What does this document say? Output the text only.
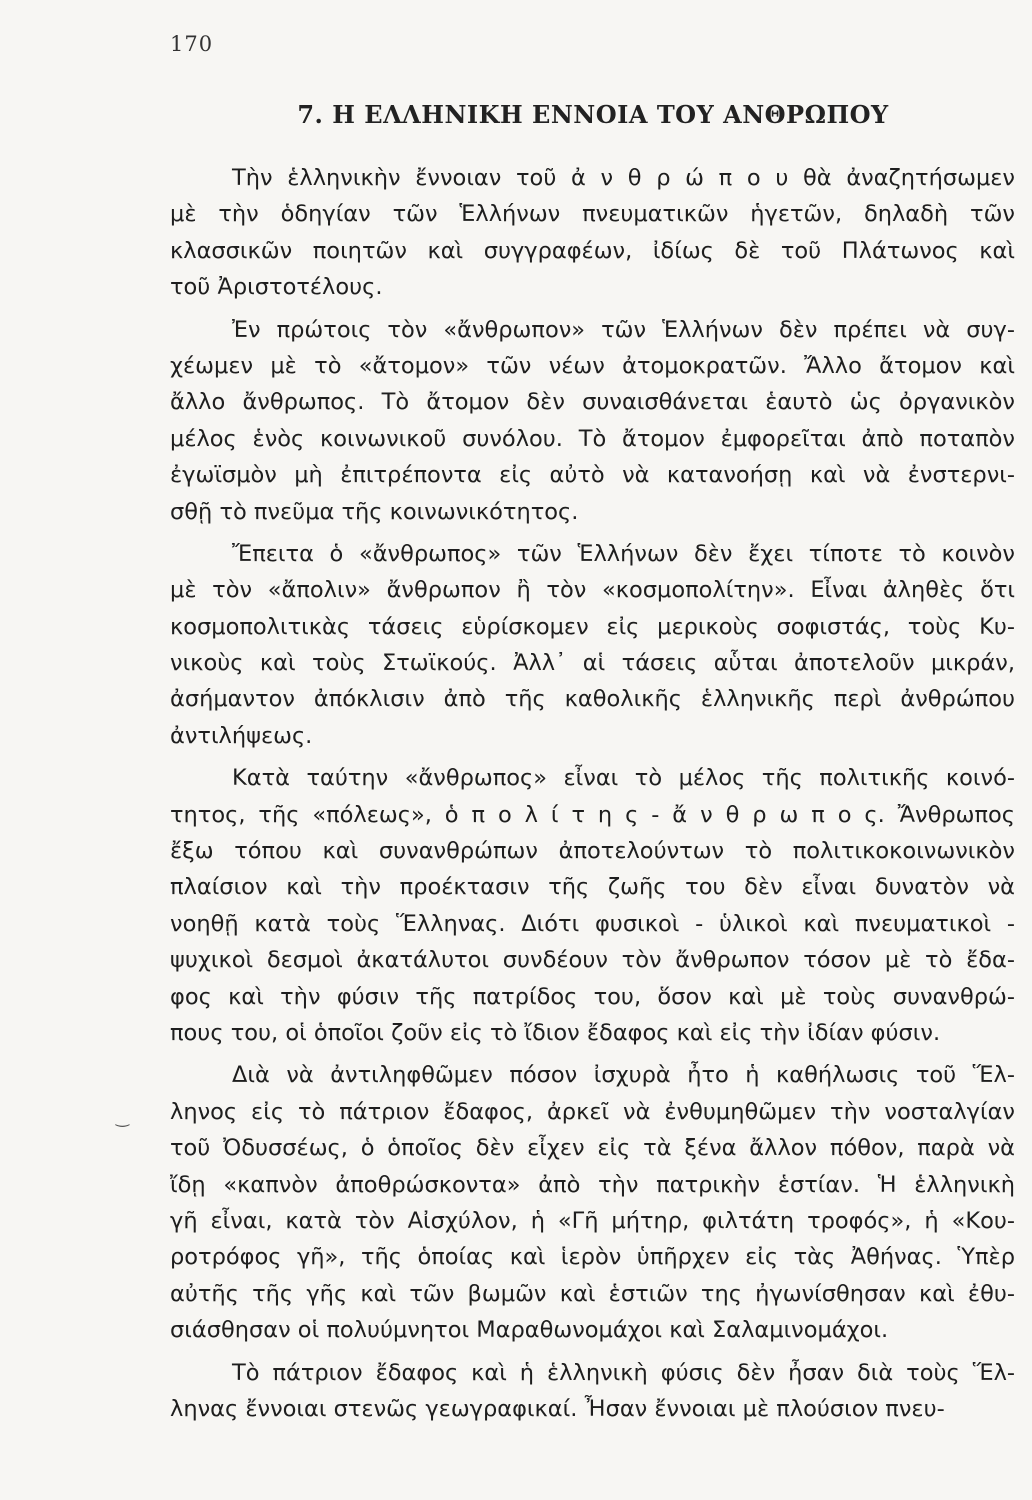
170
7. Η ΕΛΛΗΝΙΚΗ ΕΝΝΟΙΑ ΤΟΥ ΑΝΘΡΩΠΟΥ
‿
Τὴν ἑλληνικὴν ἔννοιαν τοῦ ἀ ν θ ρ ώ π ο υ θὰ ἀναζητήσωμεν
μὲ τὴν ὁδηγίαν τῶν Ἑλλήνων πνευματικῶν ἡγετῶν, δηλαδὴ τῶν
κλασσικῶν ποιητῶν καὶ συγγραφέων, ἰδίως δὲ τοῦ Πλάτωνος καὶ
τοῦ Ἀριστοτέλους.
Ἐν πρώτοις τὸν «ἄνθρωπον» τῶν Ἑλλήνων δὲν πρέπει νὰ συγ-
χέωμεν μὲ τὸ «ἄτομον» τῶν νέων ἀτομοκρατῶν. Ἄλλο ἄτομον καὶ
ἄλλο ἄνθρωπος. Τὸ ἄτομον δὲν συναισθάνεται ἑαυτὸ ὡς ὀργανικὸν
μέλος ἑνὸς κοινωνικοῦ συνόλου. Τὸ ἄτομον ἐμφορεῖται ἀπὸ ποταπὸν
ἐγωϊσμὸν μὴ ἐπιτρέποντα εἰς αὐτὸ νὰ κατανοήσῃ καὶ νὰ ἐνστερνι-
σθῇ τὸ πνεῦμα τῆς κοινωνικότητος.
Ἔπειτα ὁ «ἄνθρωπος» τῶν Ἑλλήνων δὲν ἔχει τίποτε τὸ κοινὸν
μὲ τὸν «ἄπολιν» ἄνθρωπον ἢ τὸν «κοσμοπολίτην». Εἶναι ἀληθὲς ὅτι
κοσμοπολιτικὰς τάσεις εὑρίσκομεν εἰς μερικοὺς σοφιστάς, τοὺς Κυ-
νικοὺς καὶ τοὺς Στωϊκούς. Ἀλλ᾽ αἱ τάσεις αὗται ἀποτελοῦν μικράν,
ἀσήμαντον ἀπόκλισιν ἀπὸ τῆς καθολικῆς ἑλληνικῆς περὶ ἀνθρώπου
ἀντιλήψεως.
Κατὰ ταύτην «ἄνθρωπος» εἶναι τὸ μέλος τῆς πολιτικῆς κοινό-
τητος, τῆς «πόλεως», ὁ π ο λ ί τ η ς - ἄ ν θ ρ ω π ο ς. Ἄνθρωπος
ἔξω τόπου καὶ συνανθρώπων ἀποτελούντων τὸ πολιτικοκοινωνικὸν
πλαίσιον καὶ τὴν προέκτασιν τῆς ζωῆς του δὲν εἶναι δυνατὸν νὰ
νοηθῇ κατὰ τοὺς Ἕλληνας. Διότι φυσικοὶ - ὑλικοὶ καὶ πνευματικοὶ -
ψυχικοὶ δεσμοὶ ἀκατάλυτοι συνδέουν τὸν ἄνθρωπον τόσον μὲ τὸ ἔδα-
φος καὶ τὴν φύσιν τῆς πατρίδος του, ὅσον καὶ μὲ τοὺς συνανθρώ-
πους του, οἱ ὁποῖοι ζοῦν εἰς τὸ ἴδιον ἔδαφος καὶ εἰς τὴν ἰδίαν φύσιν.
Διὰ νὰ ἀντιληφθῶμεν πόσον ἰσχυρὰ ἦτο ἡ καθήλωσις τοῦ Ἕλ-
ληνος εἰς τὸ πάτριον ἔδαφος, ἀρκεῖ νὰ ἐνθυμηθῶμεν τὴν νοσταλγίαν
τοῦ Ὀδυσσέως, ὁ ὁποῖος δὲν εἶχεν εἰς τὰ ξένα ἄλλον πόθον, παρὰ νὰ
ἴδῃ «καπνὸν ἀποθρώσκοντα» ἀπὸ τὴν πατρικὴν ἑστίαν. Ἡ ἑλληνικὴ
γῆ εἶναι, κατὰ τὸν Αἰσχύλον, ἡ «Γῆ μήτηρ, φιλτάτη τροφός», ἡ «Κου-
ροτρόφος γῆ», τῆς ὁποίας καὶ ἱερὸν ὑπῆρχεν εἰς τὰς Ἀθήνας. Ὑπὲρ
αὐτῆς τῆς γῆς καὶ τῶν βωμῶν καὶ ἑστιῶν της ἠγωνίσθησαν καὶ ἐθυ-
σιάσθησαν οἱ πολυύμνητοι Μαραθωνομάχοι καὶ Σαλαμινομάχοι.
Τὸ πάτριον ἔδαφος καὶ ἡ ἑλληνικὴ φύσις δὲν ἦσαν διὰ τοὺς Ἕλ-
ληνας ἔννοιαι στενῶς γεωγραφικαί. Ἦσαν ἔννοιαι μὲ πλούσιον πνευ-
